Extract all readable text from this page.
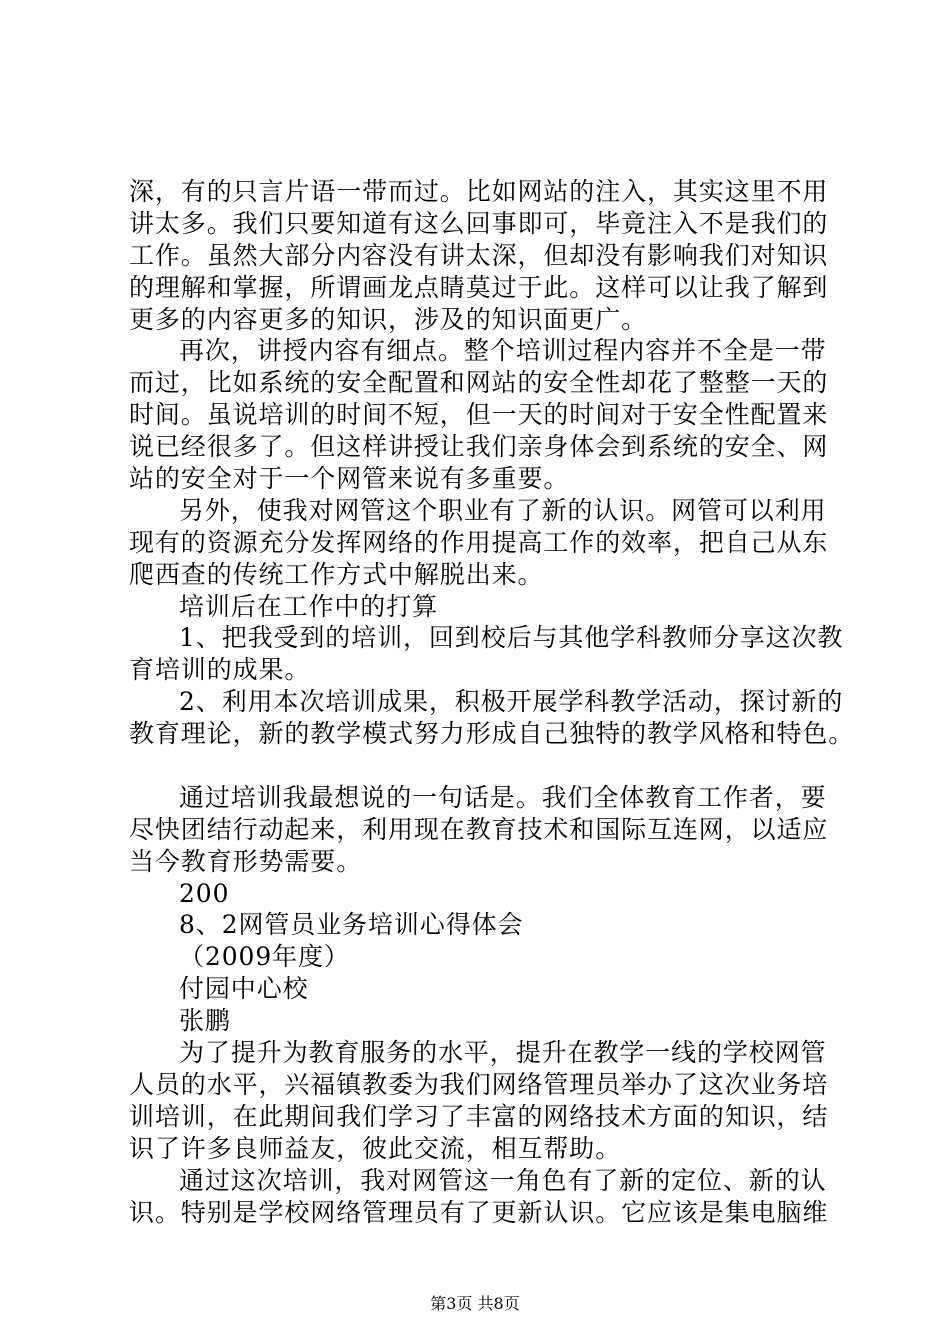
深，有的只言片语一带而过。比如网站的注入，其实这里不用
讲太多。我们只要知道有这么回事即可，毕竟注入不是我们的
工作。虽然大部分内容没有讲太深，但却没有影响我们对知识
的理解和掌握，所谓画龙点睛莫过于此。这样可以让我了解到
更多的内容更多的知识，涉及的知识面更广。
再次，讲授内容有细点。整个培训过程内容并不全是一带
而过，比如系统的安全配置和网站的安全性却花了整整一天的
时间。虽说培训的时间不短，但一天的时间对于安全性配置来
说已经很多了。但这样讲授让我们亲身体会到系统的安全、网
站的安全对于一个网管来说有多重要。
另外，使我对网管这个职业有了新的认识。网管可以利用
现有的资源充分发挥网络的作用提高工作的效率，把自己从东
爬西查的传统工作方式中解脱出来。
培训后在工作中的打算
1、把我受到的培训，回到校后与其他学科教师分享这次教
育培训的成果。
2、利用本次培训成果，积极开展学科教学活动，探讨新的
教育理论，新的教学模式努力形成自己独特的教学风格和特色。
通过培训我最想说的一句话是。我们全体教育工作者，要
尽快团结行动起来，利用现在教育技术和国际互连网，以适应
当今教育形势需要。
200
8、2网管员业务培训心得体会
（2009年度）
付园中心校
张鹏
为了提升为教育服务的水平，提升在教学一线的学校网管
人员的水平，兴福镇教委为我们网络管理员举办了这次业务培
训培训，在此期间我们学习了丰富的网络技术方面的知识，结
识了许多良师益友，彼此交流，相互帮助。
通过这次培训，我对网管这一角色有了新的定位、新的认
识。特别是学校网络管理员有了更新认识。它应该是集电脑维
第3页 共8页
